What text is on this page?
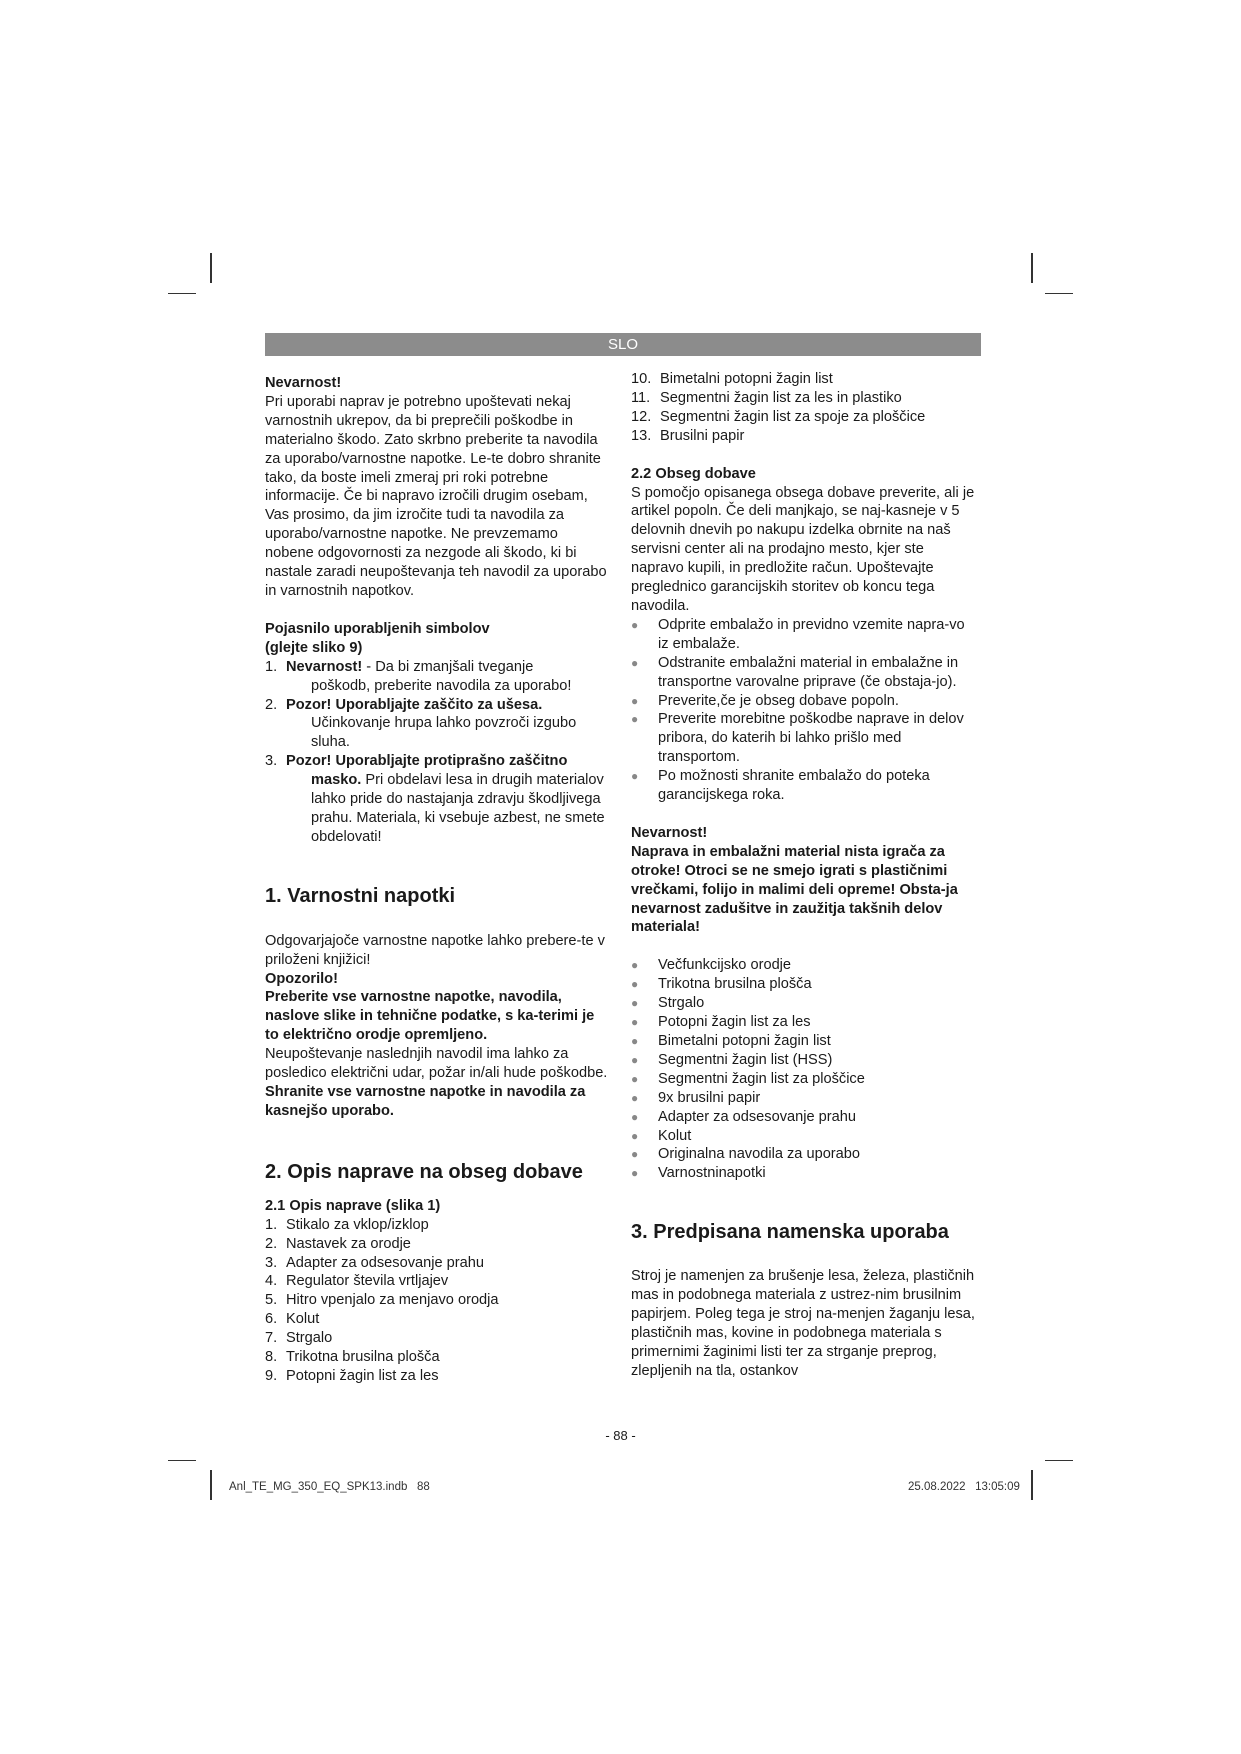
SLO

Nevarnost!

Pri uporabi naprav je potrebno upoštevati nekaj varnostnih ukrepov, da bi preprečili poškodbe in materialno škodo. Zato skrbno preberite ta navodila za uporabo/varnostne napotke. Le-te dobro shranite tako, da boste imeli zmeraj pri roki potrebne informacije. Če bi napravo izročili drugim osebam, Vas prosimo, da jim izročite tudi ta navodila za uporabo/varnostne napotke. Ne prevzemamo nobene odgovornosti za nezgode ali škodo, ki bi nastale zaradi neupoštevanja teh navodil za uporabo in varnostnih napotkov.

Pojasnilo uporabljenih simbolov

(glejte sliko 9)

1. Nevarnost! - Da bi zmanjšali tveganje
poškodb, preberite navodila za uporabo!
2. Pozor! Uporabljajte zaščito za ušesa.
Učinkovanje hrupa lahko povzroči izgubo sluha.
3. Pozor! Uporabljajte protiprašno zaščitno
masko. Pri obdelavi lesa in drugih materialov lahko pride do nastajanja zdravju škodljivega prahu. Materiala, ki vsebuje azbest, ne smete obdelovati!

1. Varnostni napotki

Odgovarjajoče varnostne napotke lahko prebere-te v priloženi knjižici!

Opozorilo!

Preberite vse varnostne napotke, navodila, naslove slike in tehnične podatke, s ka-terimi je to električno orodje opremljeno.

Neupoštevanje naslednjih navodil ima lahko za posledico električni udar, požar in/ali hude poškodbe.

Shranite vse varnostne napotke in navodila za kasnejšo uporabo.

2. Opis naprave na obseg dobave

2.1 Opis naprave (slika 1)

1. Stikalo za vklop/izklop
2. Nastavek za orodje
3. Adapter za odsesovanje prahu
4. Regulator števila vrtljajev
5. Hitro vpenjalo za menjavo orodja
6. Kolut
7. Strgalo
8. Trikotna brusilna plošča
9. Potopni žagin list za les
10. Bimetalni potopni žagin list
11. Segmentni žagin list za les in plastiko
12. Segmentni žagin list za spoje za ploščice
13. Brusilni papir

2.2 Obseg dobave

S pomočjo opisanega obsega dobave preverite, ali je artikel popoln. Če deli manjkajo, se naj-kasneje v 5 delovnih dnevih po nakupu izdelka obrnite na naš servisni center ali na prodajno mesto, kjer ste napravo kupili, in predložite račun. Upoštevajte preglednico garancijskih storitev ob koncu tega navodila.

●	Odprite embalažo in previdno vzemite napra-vo iz embalaže.
●	Odstranite embalažni material in embalažne in transportne varovalne priprave (če obstaja-jo).
●	Preverite,če je obseg dobave popoln.
●	Preverite morebitne poškodbe naprave in delov pribora, do katerih bi lahko prišlo med transportom.
●	Po možnosti shranite embalažo do poteka garancijskega roka.

Nevarnost!

Naprava in embalažni material nista igrača za otroke! Otroci se ne smejo igrati s plastičnimi vrečkami, folijo in malimi deli opreme! Obsta-ja nevarnost zadušitve in zaužitja takšnih delov materiala!

●	Večfunkcijsko orodje
●	Trikotna brusilna plošča
●	Strgalo
●	Potopni žagin list za les
●	Bimetalni potopni žagin list
●	Segmentni žagin list (HSS)
●	Segmentni žagin list za ploščice
●	9x brusilni papir
●	Adapter za odsesovanje prahu
●	Kolut
●	Originalna navodila za uporabo
●	Varnostninapotki

3. Predpisana namenska uporaba

Stroj je namenjen za brušenje lesa, železa, plastičnih mas in podobnega materiala z ustrez-nim brusilnim papirjem. Poleg tega je stroj na-menjen žaganju lesa, plastičnih mas, kovine in podobnega materiala s primernimi žaginimi listi ter za strganje preprog, zlepljenih na tla, ostankov

- 88 -
Anl_TE_MG_350_EQ_SPK13.indb   88	25.08.2022   13:05:09
